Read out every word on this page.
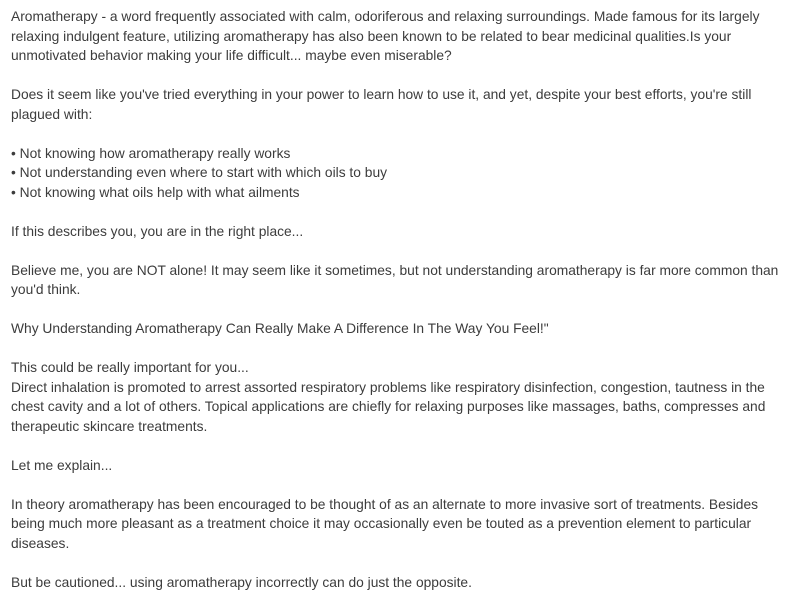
Aromatherapy - a word frequently associated with calm, odoriferous and relaxing surroundings. Made famous for its largely relaxing indulgent feature, utilizing aromatherapy has also been known to be related to bear medicinal qualities.Is your unmotivated behavior making your life difficult... maybe even miserable?

Does it seem like you've tried everything in your power to learn how to use it, and yet, despite your best efforts, you're still plagued with:

• Not knowing how aromatherapy really works
• Not understanding even where to start with which oils to buy
• Not knowing what oils help with what ailments

If this describes you, you are in the right place...

Believe me, you are NOT alone! It may seem like it sometimes, but not understanding aromatherapy is far more common than you'd think.

Why Understanding Aromatherapy Can Really Make A Difference In The Way You Feel!"

This could be really important for you...
Direct inhalation is promoted to arrest assorted respiratory problems like respiratory disinfection, congestion, tautness in the chest cavity and a lot of others. Topical applications are chiefly for relaxing purposes like massages, baths, compresses and therapeutic skincare treatments.

Let me explain...

In theory aromatherapy has been encouraged to be thought of as an alternate to more invasive sort of treatments. Besides being much more pleasant as a treatment choice it may occasionally even be touted as a prevention element to particular diseases.

But be cautioned... using aromatherapy incorrectly can do just the opposite.
